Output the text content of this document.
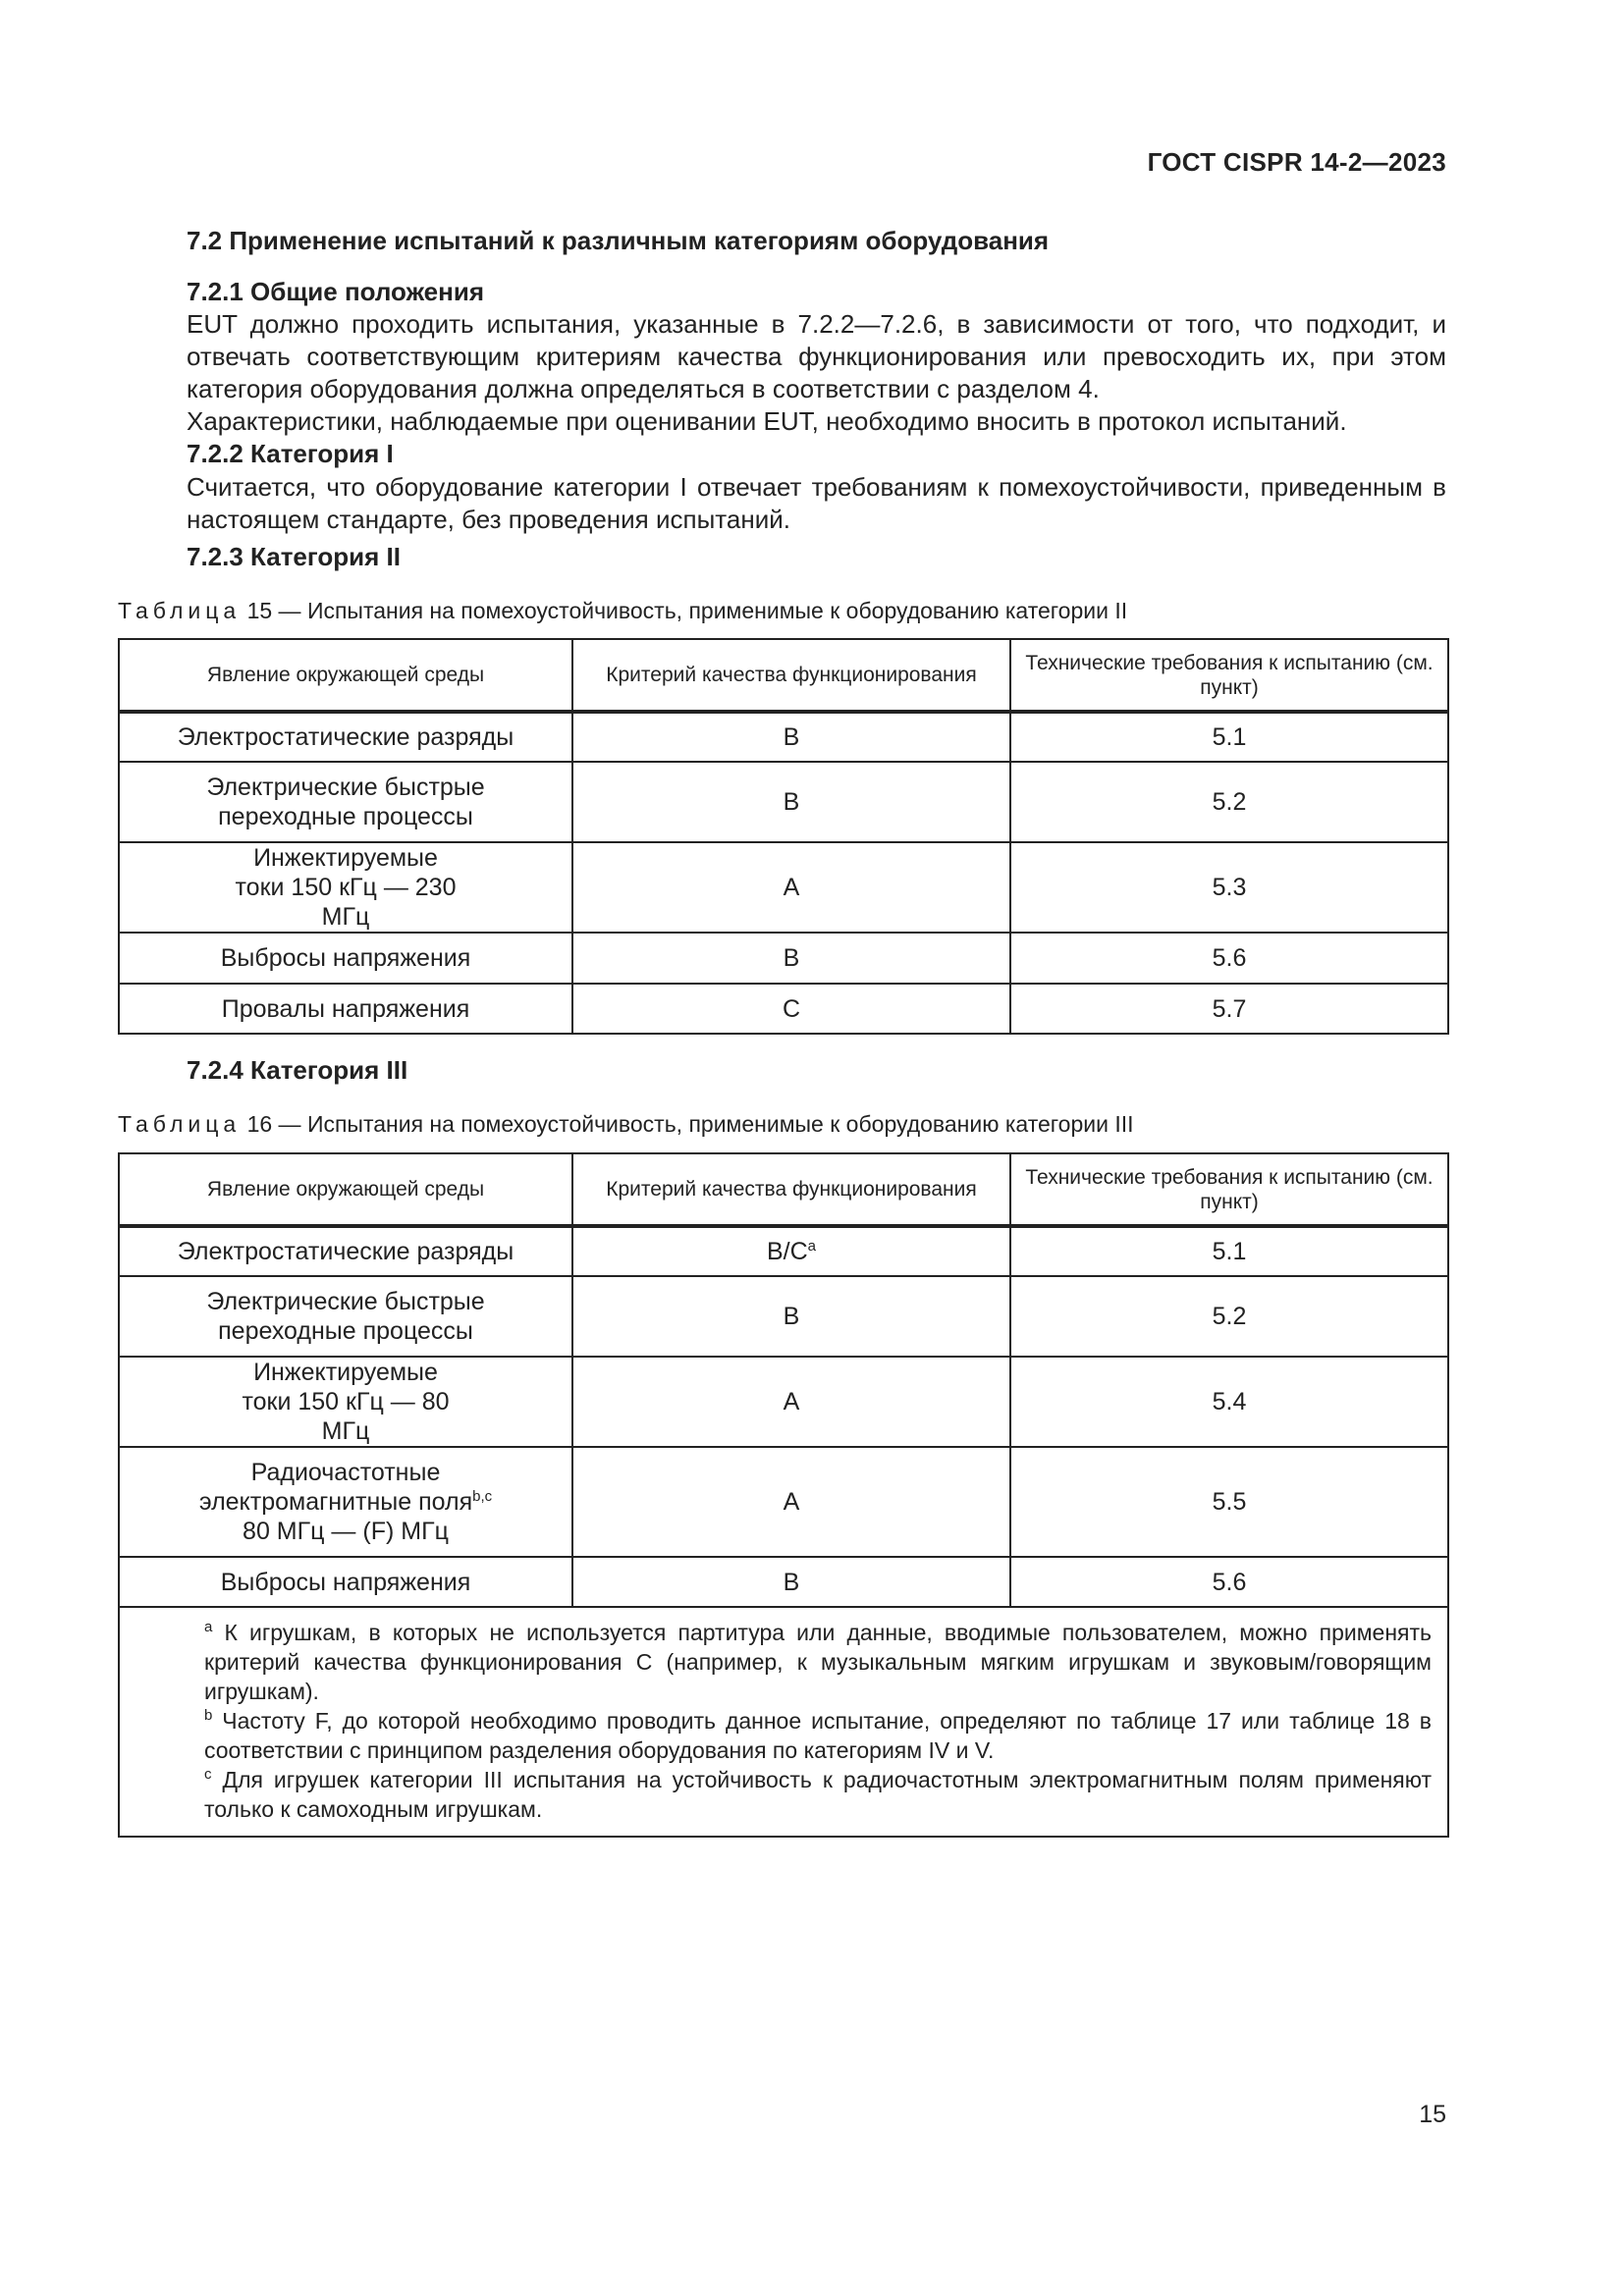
ГОСТ CISPR 14-2—2023
7.2 Применение испытаний к различным категориям оборудования
7.2.1 Общие положения
EUT должно проходить испытания, указанные в 7.2.2—7.2.6, в зависимости от того, что подходит, и отвечать соответствующим критериям качества функционирования или превосходить их, при этом категория оборудования должна определяться в соответствии с разделом 4.
Характеристики, наблюдаемые при оценивании EUT, необходимо вносить в протокол испытаний.
7.2.2 Категория I
Считается, что оборудование категории I отвечает требованиям к помехоустойчивости, приведенным в настоящем стандарте, без проведения испытаний.
7.2.3 Категория II
Таблица 15 — Испытания на помехоустойчивость, применимые к оборудованию категории II
Явление окружающей среды	Критерий качества функционирования	Технические требования к испытанию (см. пункт)
Электростатические разряды	B	5.1
Электрические быстрые переходные процессы	B	5.2
Инжектируемые токи 150 кГц — 230 МГц	A	5.3
Выбросы напряжения	B	5.6
Провалы напряжения	C	5.7
7.2.4 Категория III
Таблица 16 — Испытания на помехоустойчивость, применимые к оборудованию категории III
Явление окружающей среды	Критерий качества функционирования	Технические требования к испытанию (см. пункт)
Электростатические разряды	$B/C^a$	5.1
Электрические быстрые переходные процессы	B	5.2
Инжектируемые токи 150 кГц — 80 МГц	A	5.4

Радиочастотные
электромагнитные поля$^{b,c}$
80 МГц — (F) МГц	A	5.5
Выбросы напряжения	B	5.6

$^a$ К игрушкам, в которых не используется партитура или данные, вводимые пользователем, можно применять критерий качества функционирования С (например, к музыкальным мягким игрушкам и звуковым/говорящим игрушкам).

$^b$ Частоту F, до которой необходимо проводить данное испытание, определяют по таблице 17 или таблице 18 в соответствии с принципом разделения оборудования по категориям IV и V.

$^c$ Для игрушек категории III испытания на устойчивость к радиочастотным электромагнитным полям применяют только к самоходным игрушкам.		

15
